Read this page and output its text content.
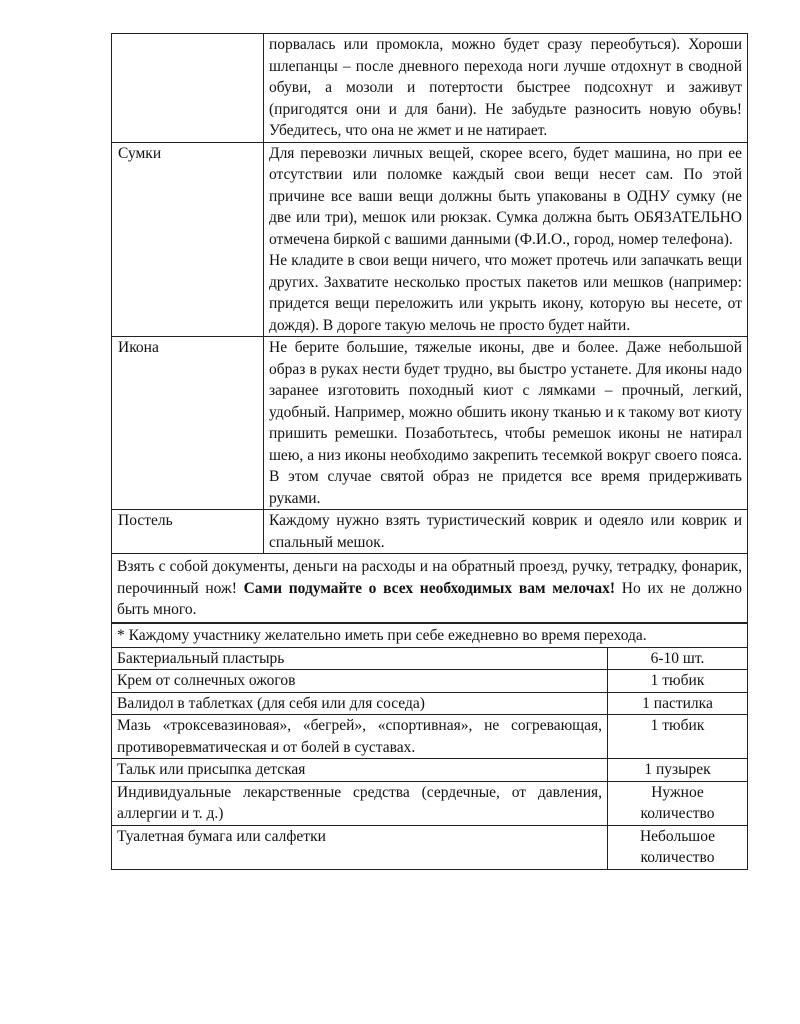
	порвалась или промокла, можно будет сразу переобуться). Хороши шлепанцы – после дневного перехода ноги лучше отдохнут в сводной обуви, а мозоли и потертости быстрее подсохнут и заживут (пригодятся они и для бани). Не забудьте разносить новую обувь! Убедитесь, что она не жмет и не натирает.

Сумки	Для перевозки личных вещей, скорее всего, будет машина, но при ее отсутствии или поломке каждый свои вещи несет сам. По этой причине все ваши вещи должны быть упакованы в ОДНУ сумку (не две или три), мешок или рюкзак. Сумка должна быть ОБЯЗАТЕЛЬНО отмечена биркой с вашими данными (Ф.И.О., город, номер телефона).
Не кладите в свои вещи ничего, что может протечь или запачкать вещи других. Захватите несколько простых пакетов или мешков (например: придется вещи переложить или укрыть икону, которую вы несете, от дождя). В дороге такую мелочь не просто будет найти.

Икона	Не берите большие, тяжелые иконы, две и более. Даже небольшой образ в руках нести будет трудно, вы быстро устанете. Для иконы надо заранее изготовить походный киот с лямками – прочный, легкий, удобный. Например, можно обшить икону тканью и к такому вот киоту пришить ремешки. Позаботьтесь, чтобы ремешок иконы не натирал шею, а низ иконы необходимо закрепить тесемкой вокруг своего пояса. В этом случае святой образ не придется все время придерживать руками.

Постель	Каждому нужно взять туристический коврик и одеяло или коврик и спальный мешок.

Взять с собой документы, деньги на расходы и на обратный проезд, ручку, тетрадку, фонарик, перочинный нож! Сами подумайте о всех необходимых вам мелочах! Но их не должно быть много.	
* Каждому участнику желательно иметь при себе ежедневно во время перехода.	
Бактериальный пластырь	6-10 шт.
Крем от солнечных ожогов	1 тюбик
Валидол в таблетках (для себя или для соседа)	1 пастилка
Мазь «троксевазиновая», «бегрей», «спортивная», не согревающая, противоревматическая и от болей в суставах.	1 тюбик
Тальк или присыпка детская	1 пузырек
Индивидуальные лекарственные средства (сердечные, от давления, аллергии и т. д.)	Нужное количество
Туалетная бумага или салфетки	Небольшое количество
